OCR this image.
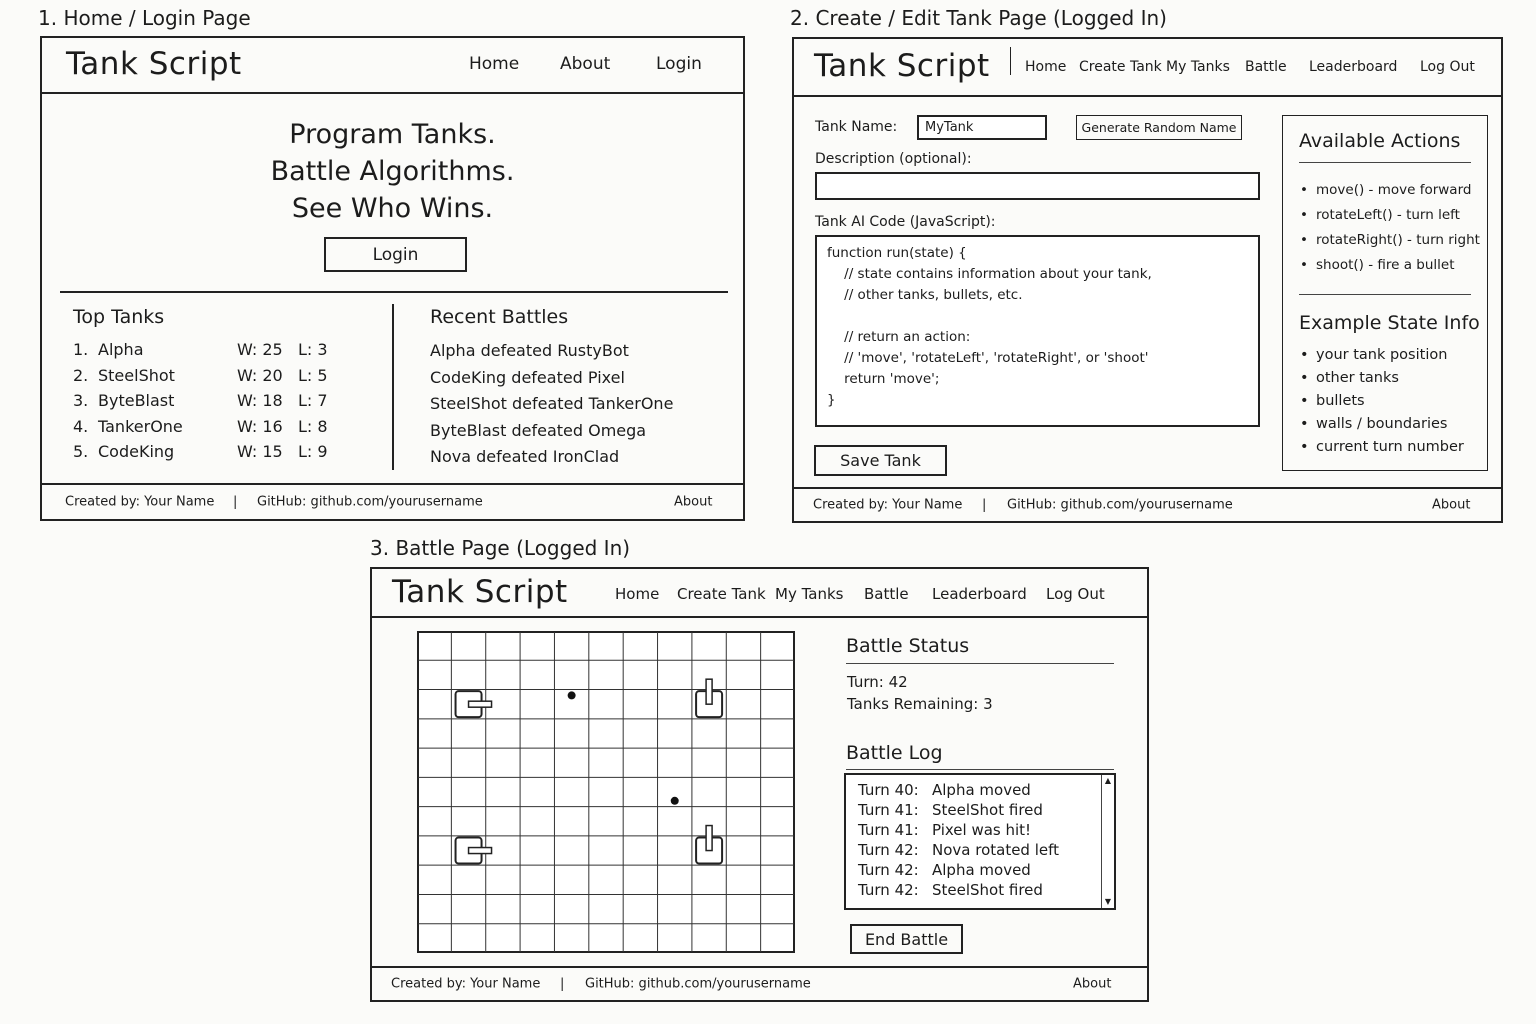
1. Home / Login Page	2. Create / Edit Tank Page (Logged In)
3. Battle Page (Logged In)
Tank Script	Home About	Login
Program Tanks.
Battle Algorithms.
See Who Wins.
Login
Top Tanks
1. Alpha	W: 25 L: 3
2. SteelShot	W: 20 L: 5
3. ByteBlast	W: 18 L: 7
4. TankerOne	W: 16 L: 8
5. CodeKing	W: 15 L: 9
Recent Battles
Alpha defeated RustyBot
CodeKing defeated Pixel
SteelShot defeated TankerOne
ByteBlast defeated Omega
Nova defeated IronClad
Created by: Your Name | GitHub: github.com/yourusername	About
Tank Script	Home Create Tank My Tanks Battle Leaderboard Log Out
Tank Name:
MyTank	Generate Random Name
Description (optional):
Tank AI Code (JavaScript):
function run(state) {
// state contains information about your tank,
// other tanks, bullets, etc.

// return an action:
// 'move', 'rotateLeft', 'rotateRight', or 'shoot'
return 'move';
}
Save Tank
Available Actions
• move() - move forward
• rotateLeft() - turn left
• rotateRight() - turn right
• shoot() - fire a bullet
Example State Info
• your tank position
• other tanks
• bullets
• walls / boundaries
• current turn number
Created by: Your Name | GitHub: github.com/yourusername	About
Tank Script	Home Create Tank My Tanks Battle Leaderboard Log Out
Battle Status
Turn: 42
Tanks Remaining: 3
Battle Log
Turn 40: Alpha moved
Turn 41: SteelShot fired
Turn 41: Pixel was hit!
Turn 42: Nova rotated left
Turn 42: Alpha moved
Turn 42: SteelShot fired
▲
▼
End Battle
Created by: Your Name | GitHub: github.com/yourusername	About
